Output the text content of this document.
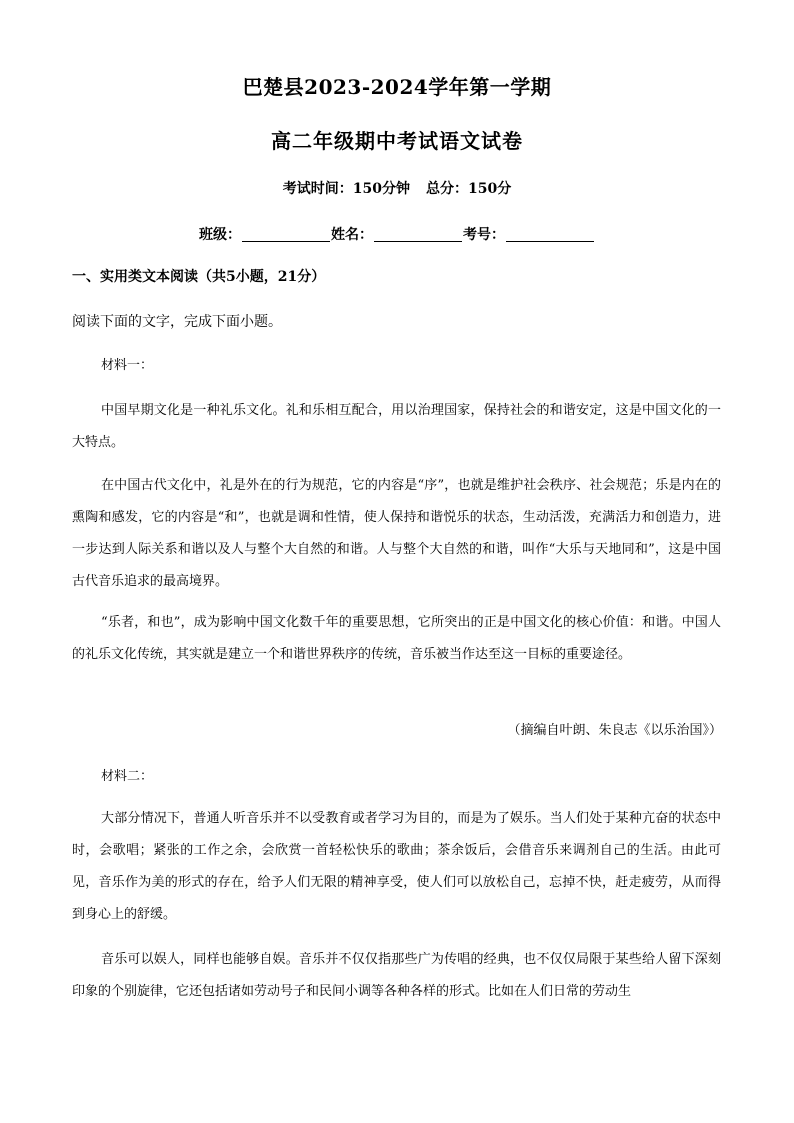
巴楚县2023-2024学年第一学期
高二年级期中考试语文试卷
考试时间：150分钟 总分：150分
班级：	姓名：	考号：
一、实用类文本阅读（共5小题，21分）
阅读下面的文字，完成下面小题。
材料一：

中国早期文化是一种礼乐文化。礼和乐相互配合，用以治理国家，保持社会的和谐安定，这是中国文化的一大特点。

在中国古代文化中，礼是外在的行为规范，它的内容是“序”，也就是维护社会秩序、社会规范；乐是内在的熏陶和感发，它的内容是“和”，也就是调和性情，使人保持和谐悦乐的状态，生动活泼，充满活力和创造力，进一步达到人际关系和谐以及人与整个大自然的和谐。人与整个大自然的和谐，叫作“大乐与天地同和”，这是中国古代音乐追求的最高境界。

“乐者，和也”，成为影响中国文化数千年的重要思想，它所突出的正是中国文化的核心价值：和谐。中国人的礼乐文化传统，其实就是建立一个和谐世界秩序的传统，音乐被当作达至这一目标的重要途径。

（摘编自叶朗、朱良志《以乐治国》）
材料二：

大部分情况下，普通人听音乐并不以受教育或者学习为目的，而是为了娱乐。当人们处于某种亢奋的状态中时，会歌唱；紧张的工作之余，会欣赏一首轻松快乐的歌曲；茶余饭后，会借音乐来调剂自己的生活。由此可见，音乐作为美的形式的存在，给予人们无限的精神享受，使人们可以放松自己，忘掉不快，赶走疲劳，从而得到身心上的舒缓。

音乐可以娱人，同样也能够自娱。音乐并不仅仅指那些广为传唱的经典，也不仅仅局限于某些给人留下深刻印象的个别旋律，它还包括诸如劳动号子和民间小调等各种各样的形式。比如在人们日常的劳动生
